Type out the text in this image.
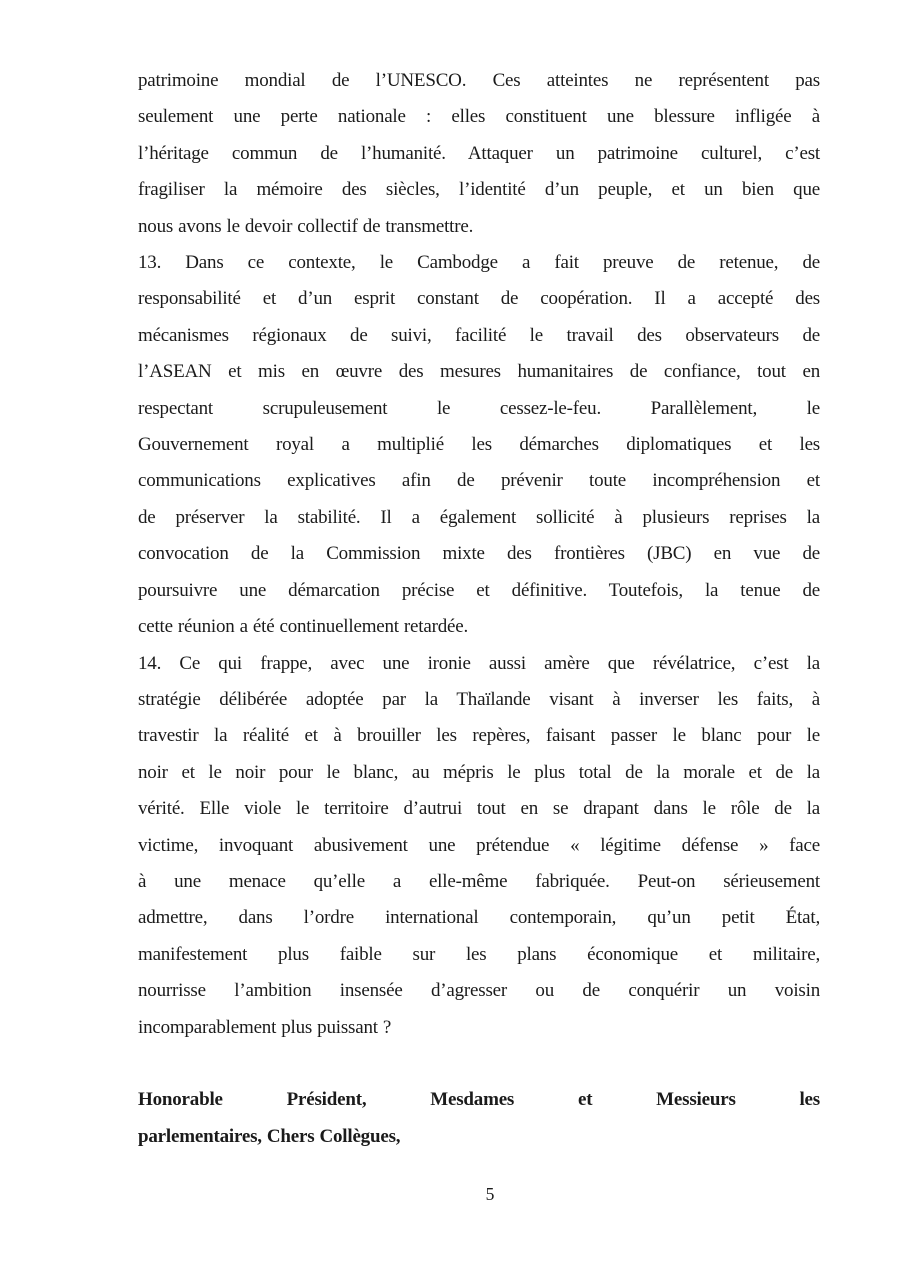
patrimoine mondial de l’UNESCO. Ces atteintes ne représentent pas
seulement une perte nationale : elles constituent une blessure infligée à
l’héritage commun de l’humanité. Attaquer un patrimoine culturel, c’est
fragiliser la mémoire des siècles, l’identité d’un peuple, et un bien que
nous avons le devoir collectif de transmettre.
13. Dans ce contexte, le Cambodge a fait preuve de retenue, de
responsabilité et d’un esprit constant de coopération. Il a accepté des
mécanismes régionaux de suivi, facilité le travail des observateurs de
l’ASEAN et mis en œuvre des mesures humanitaires de confiance, tout en
respectant scrupuleusement le cessez-le-feu. Parallèlement, le
Gouvernement royal a multiplié les démarches diplomatiques et les
communications explicatives afin de prévenir toute incompréhension et
de préserver la stabilité. Il a également sollicité à plusieurs reprises la
convocation de la Commission mixte des frontières (JBC) en vue de
poursuivre une démarcation précise et définitive. Toutefois, la tenue de
cette réunion a été continuellement retardée.
14. Ce qui frappe, avec une ironie aussi amère que révélatrice, c’est la
stratégie délibérée adoptée par la Thaïlande visant à inverser les faits, à
travestir la réalité et à brouiller les repères, faisant passer le blanc pour le
noir et le noir pour le blanc, au mépris le plus total de la morale et de la
vérité. Elle viole le territoire d’autrui tout en se drapant dans le rôle de la
victime, invoquant abusivement une prétendue « légitime défense » face
à une menace qu’elle a elle-même fabriquée. Peut-on sérieusement
admettre, dans l’ordre international contemporain, qu’un petit État,
manifestement plus faible sur les plans économique et militaire,
nourrisse l’ambition insensée d’agresser ou de conquérir un voisin
incomparablement plus puissant ?
Honorable Président, Mesdames et Messieurs les
parlementaires, Chers Collègues,
5
